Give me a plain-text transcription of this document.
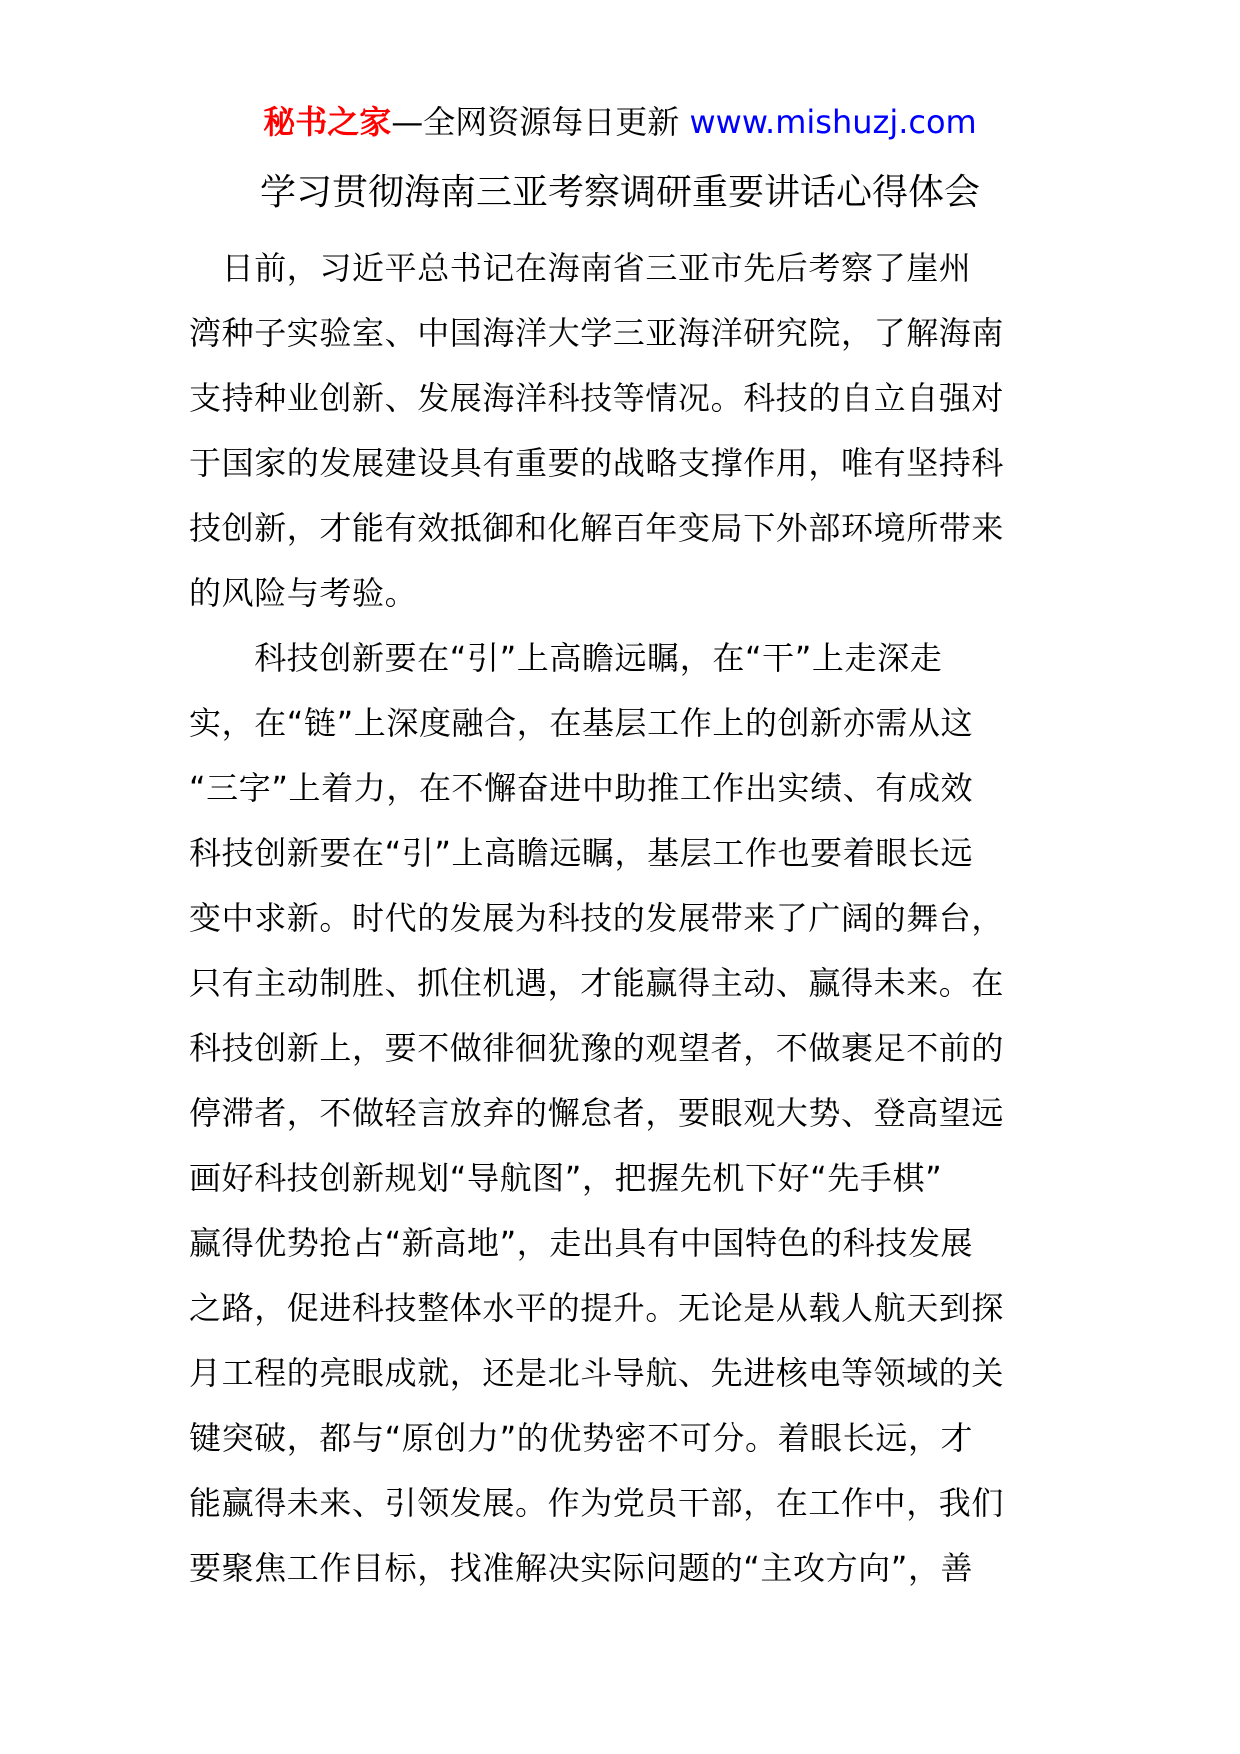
秘书之家—全网资源每日更新 www.mishuzj.com
学习贯彻海南三亚考察调研重要讲话心得体会
　日前，习近平总书记在海南省三亚市先后考察了崖州
湾种子实验室、中国海洋大学三亚海洋研究院，了解海南
支持种业创新、发展海洋科技等情况。科技的自立自强对
于国家的发展建设具有重要的战略支撑作用，唯有坚持科
技创新，才能有效抵御和化解百年变局下外部环境所带来
的风险与考验。
　　科技创新要在“引”上高瞻远瞩，在“干”上走深走
实，在“链”上深度融合，在基层工作上的创新亦需从这
“三字”上着力，在不懈奋进中助推工作出实绩、有成效
科技创新要在“引”上高瞻远瞩，基层工作也要着眼长远
变中求新。时代的发展为科技的发展带来了广阔的舞台，
只有主动制胜、抓住机遇，才能赢得主动、赢得未来。在
科技创新上，要不做徘徊犹豫的观望者，不做裹足不前的
停滞者，不做轻言放弃的懈怠者，要眼观大势、登高望远
画好科技创新规划“导航图”，把握先机下好“先手棋”
赢得优势抢占“新高地”，走出具有中国特色的科技发展
之路，促进科技整体水平的提升。无论是从载人航天到探
月工程的亮眼成就，还是北斗导航、先进核电等领域的关
键突破，都与“原创力”的优势密不可分。着眼长远，才
能赢得未来、引领发展。作为党员干部，在工作中，我们
要聚焦工作目标，找准解决实际问题的“主攻方向”，善
